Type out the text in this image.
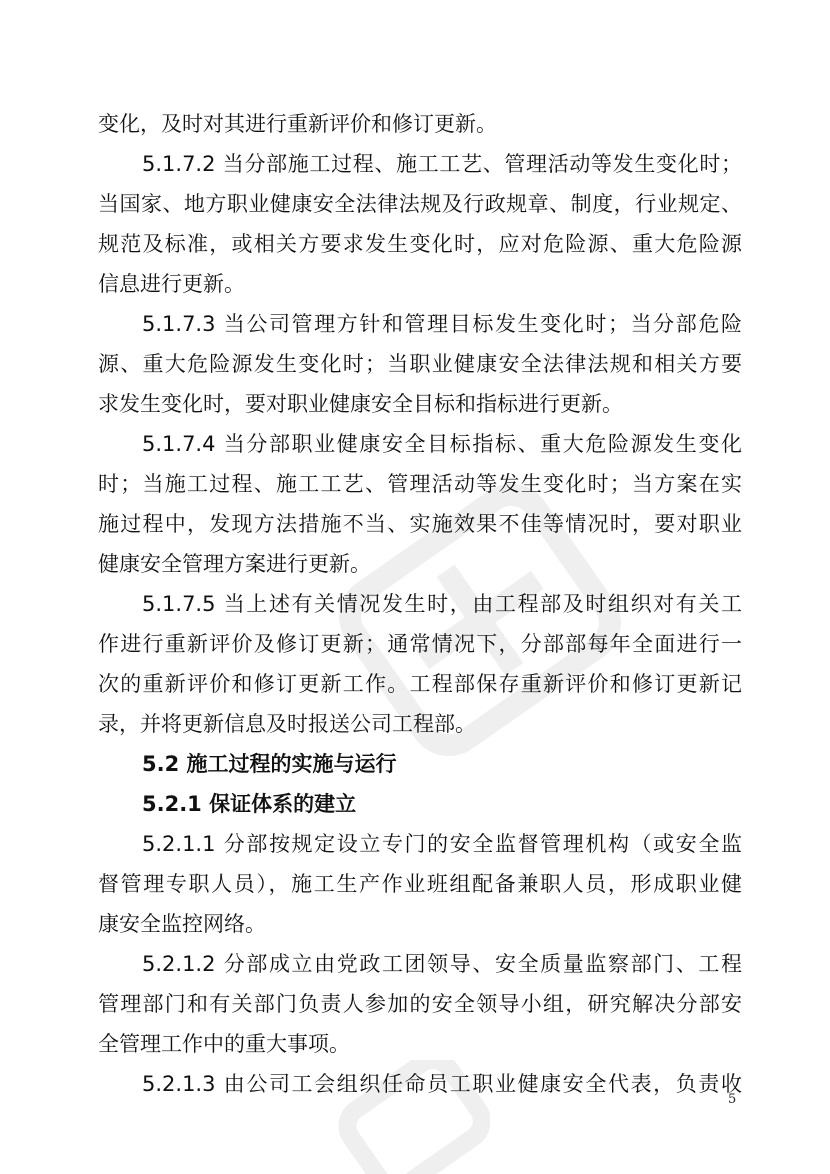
变化，及时对其进行重新评价和修订更新。
5.1.7.2 当分部施工过程、施工工艺、管理活动等发生变化时；
当国家、地方职业健康安全法律法规及行政规章、制度，行业规定、
规范及标准，或相关方要求发生变化时，应对危险源、重大危险源
信息进行更新。
5.1.7.3 当公司管理方针和管理目标发生变化时；当分部危险
源、重大危险源发生变化时；当职业健康安全法律法规和相关方要
求发生变化时，要对职业健康安全目标和指标进行更新。
5.1.7.4 当分部职业健康安全目标指标、重大危险源发生变化
时；当施工过程、施工工艺、管理活动等发生变化时；当方案在实
施过程中，发现方法措施不当、实施效果不佳等情况时，要对职业
健康安全管理方案进行更新。
5.1.7.5 当上述有关情况发生时，由工程部及时组织对有关工
作进行重新评价及修订更新；通常情况下，分部部每年全面进行一
次的重新评价和修订更新工作。工程部保存重新评价和修订更新记
录，并将更新信息及时报送公司工程部。
5.2 施工过程的实施与运行
5.2.1 保证体系的建立
5.2.1.1 分部按规定设立专门的安全监督管理机构（或安全监
督管理专职人员），施工生产作业班组配备兼职人员，形成职业健
康安全监控网络。
5.2.1.2 分部成立由党政工团领导、安全质量监察部门、工程
管理部门和有关部门负责人参加的安全领导小组，研究解决分部安
全管理工作中的重大事项。
5.2.1.3 由公司工会组织任命员工职业健康安全代表，负责收
5
